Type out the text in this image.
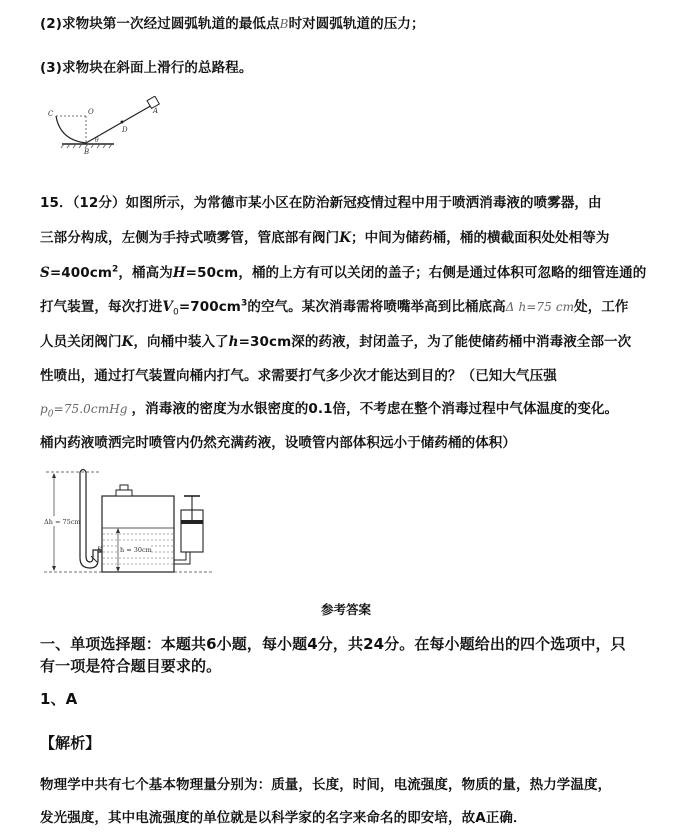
(2)求物块第一次经过圆弧轨道的最低点B时对圆弧轨道的压力；
(3)求物块在斜面上滑行的总路程。
C	O	A
D
B
θ
15．（12分）如图所示，为常德市某小区在防治新冠疫情过程中用于喷洒消毒液的喷雾器，由
三部分构成，左侧为手持式喷雾管，管底部有阀门K；中间为储药桶，桶的横截面积处处相等为
$S=400cm^2$，桶高为H=50cm，桶的上方有可以关闭的盖子；右侧是通过体积可忽略的细管连通的
打气装置，每次打进$V_0=700cm^3$的空气。某次消毒需将喷嘴举高到比桶底高Δ h=75 cm处，工作
人员关闭阀门K，向桶中装入了h=30cm深的药液，封闭盖子，为了能使储药桶中消毒液全部一次
性喷出，通过打气装置向桶内打气。求需要打气多少次才能达到目的？（已知大气压强
$p_0=75.0cmHg$ ，消毒液的密度为水银密度的0.1倍，不考虑在整个消毒过程中气体温度的变化。
桶内药液喷洒完时喷管内仍然充满药液，设喷管内部体积远小于储药桶的体积）
Δh = 75cm
K	h = 30cm
参考答案
一、单项选择题：本题共6小题，每小题4分，共24分。在每小题给出的四个选项中，只
有一项是符合题目要求的。
1、A
【解析】
物理学中共有七个基本物理量分别为：质量，长度，时间，电流强度，物质的量，热力学温度，
发光强度，其中电流强度的单位就是以科学家的名字来命名的即安培，故A正确．
